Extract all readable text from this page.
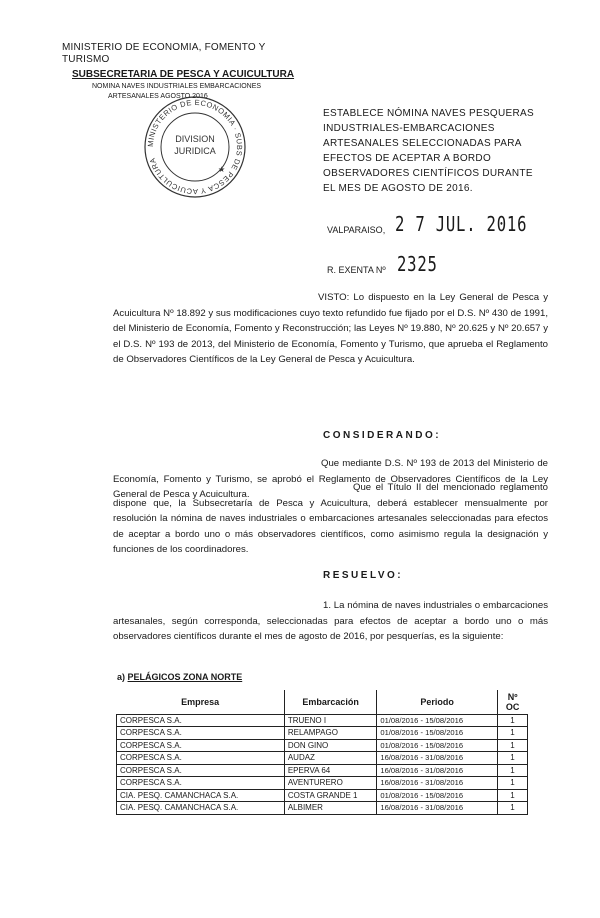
MINISTERIO DE ECONOMIA, FOMENTO Y TURISMO
SUBSECRETARIA DE PESCA Y ACUICULTURA
NOMINA NAVES INDUSTRIALES EMBARCACIONES
ARTESANALES AGOSTO 2016
MINISTERIO DE ECONOMIA · SUBS DE PESCA Y ACUICULTURA
DIVISION
JURIDICA
★
ESTABLECE NÓMINA NAVES PESQUERAS INDUSTRIALES-EMBARCACIONES ARTESANALES SELECCIONADAS PARA EFECTOS DE ACEPTAR A BORDO OBSERVADORES CIENTÍFICOS DURANTE EL MES DE AGOSTO DE 2016.
VALPARAISO, 2 7 JUL. 2016
R. EXENTA Nº 2325
VISTO: Lo dispuesto en la Ley General de Pesca y Acuicultura Nº 18.892 y sus modificaciones cuyo texto refundido fue fijado por el D.S. Nº 430 de 1991, del Ministerio de Economía, Fomento y Reconstrucción; las Leyes Nº 19.880, Nº 20.625 y Nº 20.657 y el D.S. Nº 193 de 2013, del Ministerio de Economía, Fomento y Turismo, que aprueba el Reglamento de Observadores Científicos de la Ley General de Pesca y Acuicultura.
CONSIDERANDO:
Que mediante D.S. Nº 193 de 2013 del Ministerio de Economía, Fomento y Turismo, se aprobó el Reglamento de Observadores Científicos de la Ley General de Pesca y Acuicultura.
Que el Título II del mencionado reglamento dispone que, la Subsecretaría de Pesca y Acuicultura, deberá establecer mensualmente por resolución la nómina de naves industriales o embarcaciones artesanales seleccionadas para efectos de aceptar a bordo uno o más observadores científicos, como asimismo regula la designación y funciones de los coordinadores.
RESUELVO:
1. La nómina de naves industriales o embarcaciones artesanales, según corresponda, seleccionadas para efectos de aceptar a bordo uno o más observadores científicos durante el mes de agosto de 2016, por pesquerías, es la siguiente:
a) PELÁGICOS ZONA NORTE
Empresa	Embarcación	Periodo	Nº OC
CORPESCA S.A.	TRUENO I	01/08/2016 - 15/08/2016	1
CORPESCA S.A.	RELAMPAGO	01/08/2016 - 15/08/2016	1
CORPESCA S.A.	DON GINO	01/08/2016 - 15/08/2016	1
CORPESCA S.A.	AUDAZ	16/08/2016 - 31/08/2016	1
CORPESCA S.A.	EPERVA 64	16/08/2016 - 31/08/2016	1
CORPESCA S.A.	AVENTURERO	16/08/2016 - 31/08/2016	1
CIA. PESQ. CAMANCHACA S.A.	COSTA GRANDE 1	01/08/2016 - 15/08/2016	1
CIA. PESQ. CAMANCHACA S.A.	ALBIMER	16/08/2016 - 31/08/2016	1
